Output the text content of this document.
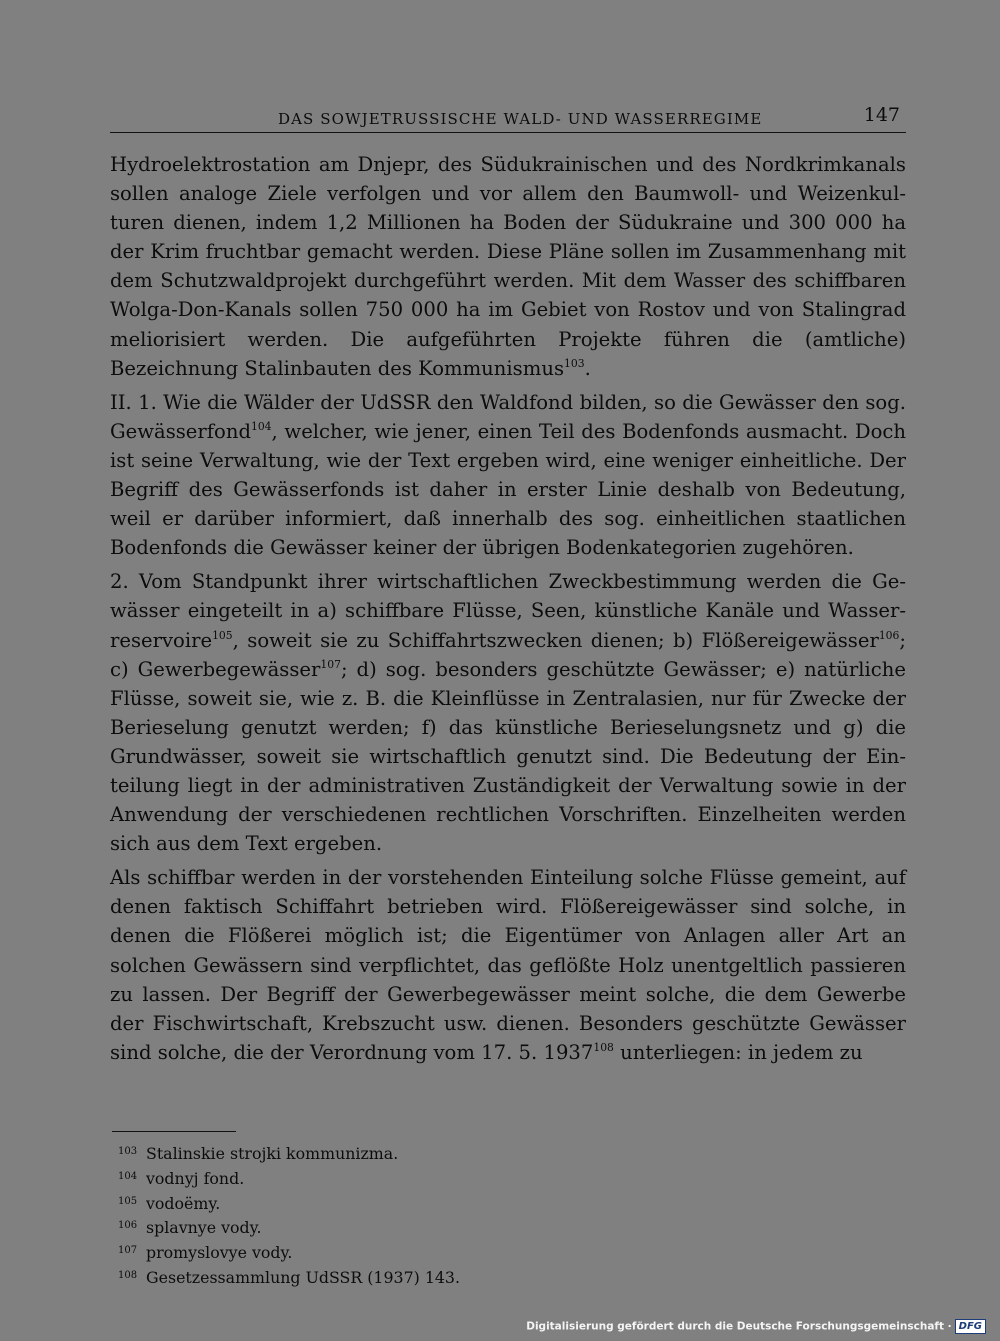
DAS SOWJETRUSSISCHE WALD- UND WASSERREGIME	147

Hydroelektrostation am Dnjepr, des Südukrainischen und des Nordkrimkanals sollen analoge Ziele verfolgen und vor allem den Baumwoll- und Weizenkulturen dienen, indem 1,2 Millionen ha Boden der Südukraine und 300 000 ha der Krim fruchtbar gemacht werden. Diese Pläne sollen im Zusammenhang mit dem Schutzwaldprojekt durchgeführt werden. Mit dem Wasser des schiffbaren Wolga-Don-Kanals sollen 750 000 ha im Gebiet von Rostov und von Stalingrad meliorisiert werden. Die aufgeführten Projekte führen die (amtliche) Bezeichnung Stalinbauten des Kommunismus$^{103}$.

II. 1. Wie die Wälder der UdSSR den Waldfond bilden, so die Gewässer den sog. Gewässerfond$^{104}$, welcher, wie jener, einen Teil des Bodenfonds ausmacht. Doch ist seine Verwaltung, wie der Text ergeben wird, eine weniger einheitliche. Der Begriff des Gewässerfonds ist daher in erster Linie deshalb von Bedeutung, weil er darüber informiert, daß innerhalb des sog. einheitlichen staatlichen Bodenfonds die Gewässer keiner der übrigen Bodenkategorien zugehören.

2. Vom Standpunkt ihrer wirtschaftlichen Zweckbestimmung werden die Gewässer eingeteilt in a) schiffbare Flüsse, Seen, künstliche Kanäle und Wasserreservoire$^{105}$, soweit sie zu Schiffahrtszwecken dienen; b) Flößereigewässer$^{106}$; c) Gewerbegewässer$^{107}$; d) sog. besonders geschützte Gewässer; e) natürliche Flüsse, soweit sie, wie z. B. die Kleinflüsse in Zentralasien, nur für Zwecke der Berieselung genutzt werden; f) das künstliche Berieselungsnetz und g) die Grundwässer, soweit sie wirtschaftlich genutzt sind. Die Bedeutung der Einteilung liegt in der administrativen Zuständigkeit der Verwaltung sowie in der Anwendung der verschiedenen rechtlichen Vorschriften. Einzelheiten werden sich aus dem Text ergeben.

Als schiffbar werden in der vorstehenden Einteilung solche Flüsse gemeint, auf denen faktisch Schiffahrt betrieben wird. Flößereigewässer sind solche, in denen die Flößerei möglich ist; die Eigentümer von Anlagen aller Art an solchen Gewässern sind verpflichtet, das geflößte Holz unentgeltlich passieren zu lassen. Der Begriff der Gewerbegewässer meint solche, die dem Gewerbe der Fischwirtschaft, Krebszucht usw. dienen. Besonders geschützte Gewässer sind solche, die der Verordnung vom 17. 5. 1937$^{108}$ unterliegen: in jedem zu

103 Stalinskie strojki kommunizma.
104 vodnyj fond.
105 vodoëmy.
106 splavnye vody.
107 promyslovye vody.
108 Gesetzessammlung UdSSR (1937) 143.
Digitalisierung gefördert durch die Deutsche Forschungsgemeinschaft · DFG
